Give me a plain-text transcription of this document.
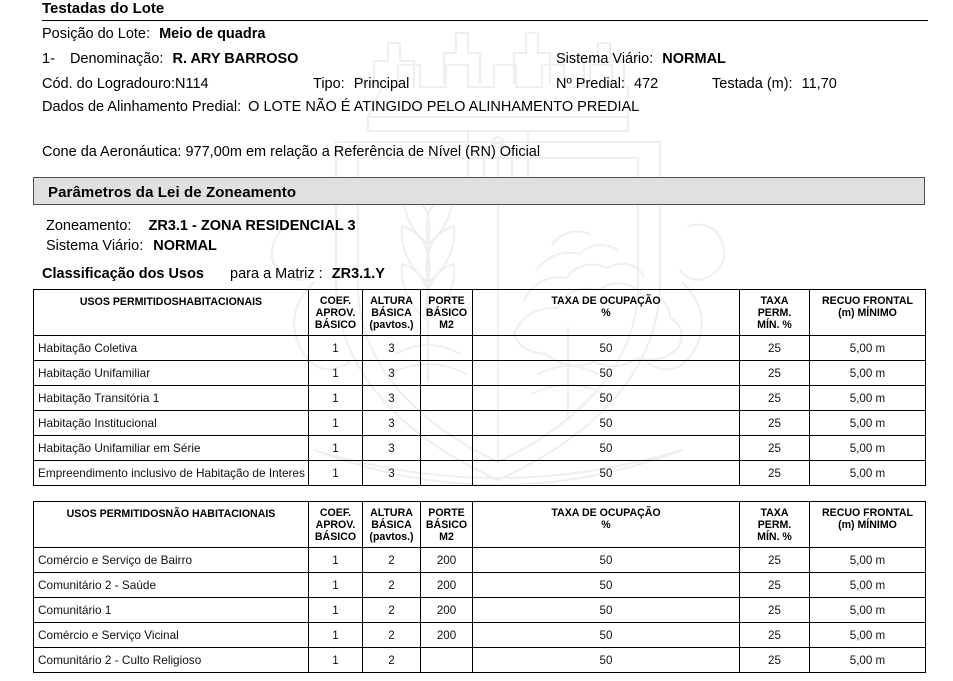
Testadas do Lote
Posição do Lote: Meio de quadra
1- Denominação: R. ARY BARROSO	Sistema Viário: NORMAL
Cód. do Logradouro:N114	Tipo: Principal	Nº Predial: 472	Testada (m): 11,70
Dados de Alinhamento Predial: O LOTE NÃO É ATINGIDO PELO ALINHAMENTO PREDIAL
Cone da Aeronáutica: 977,00m em relação a Referência de Nível (RN) Oficial
Parâmetros da Lei de Zoneamento
Zoneamento: ZR3.1 - ZONA RESIDENCIAL 3
Sistema Viário: NORMAL
Classificação dos Usos para a Matriz : ZR3.1.Y
USOS PERMITIDOSHABITACIONAIS	COEF.
APROV.
BÁSICO	ALTURA
BÁSICA
(pavtos.)	PORTE
BÁSICO
M2	TAXA DE OCUPAÇÃO
%	TAXA
PERM.
MÍN. %	RECUO FRONTAL
(m) MÍNIMO
Habitação Coletiva	1	3		50	25	5,00 m
Habitação Unifamiliar	1	3		50	25	5,00 m
Habitação Transitória 1	1	3		50	25	5,00 m
Habitação Institucional	1	3		50	25	5,00 m
Habitação Unifamiliar em Série	1	3		50	25	5,00 m
Empreendimento inclusivo de Habitação de Interes	1	3		50	25	5,00 m
USOS PERMITIDOSNÃO HABITACIONAIS	COEF.
APROV.
BÁSICO	ALTURA
BÁSICA
(pavtos.)	PORTE
BÁSICO
M2	TAXA DE OCUPAÇÃO
%	TAXA
PERM.
MÍN. %	RECUO FRONTAL
(m) MÍNIMO
Comércio e Serviço de Bairro	1	2	200	50	25	5,00 m
Comunitário 2 - Saúde	1	2	200	50	25	5,00 m
Comunitário 1	1	2	200	50	25	5,00 m
Comércio e Serviço Vicinal	1	2	200	50	25	5,00 m
Comunitário 2 - Culto Religioso	1	2		50	25	5,00 m
